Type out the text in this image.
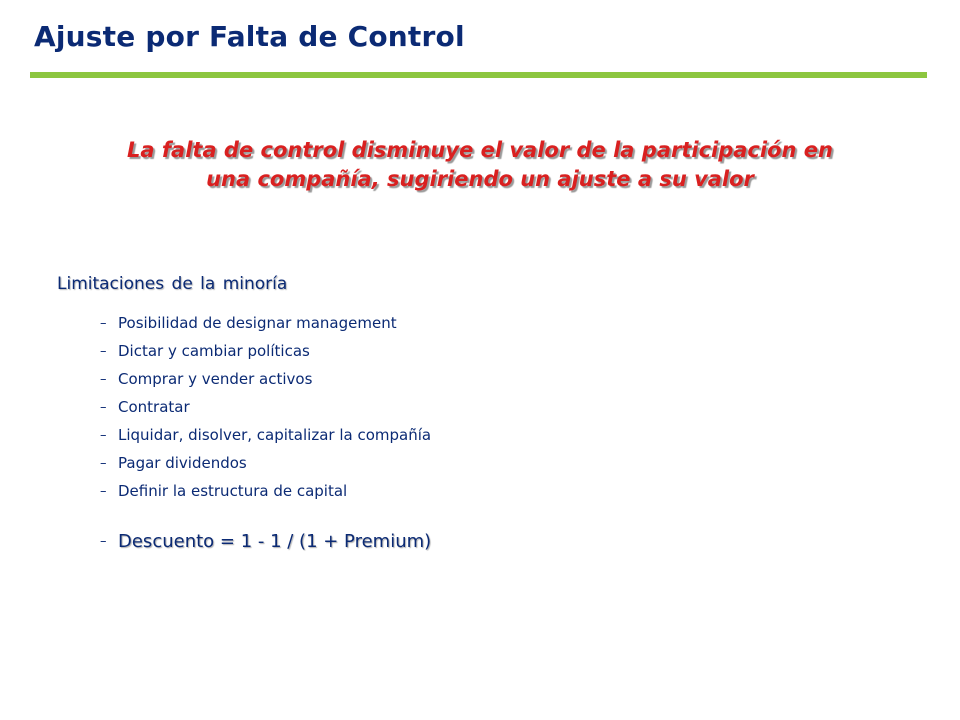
Ajuste por Falta de Control

La falta de control disminuye el valor de la participación en
una compañía, sugiriendo un ajuste a su valor

Limitaciones de la minoría
– Posibilidad de designar management
– Dictar y cambiar políticas
– Comprar y vender activos
– Contratar
– Liquidar, disolver, capitalizar la compañía
– Pagar dividendos
– Definir la estructura de capital
– Descuento = 1 - 1 / (1 + Premium)
